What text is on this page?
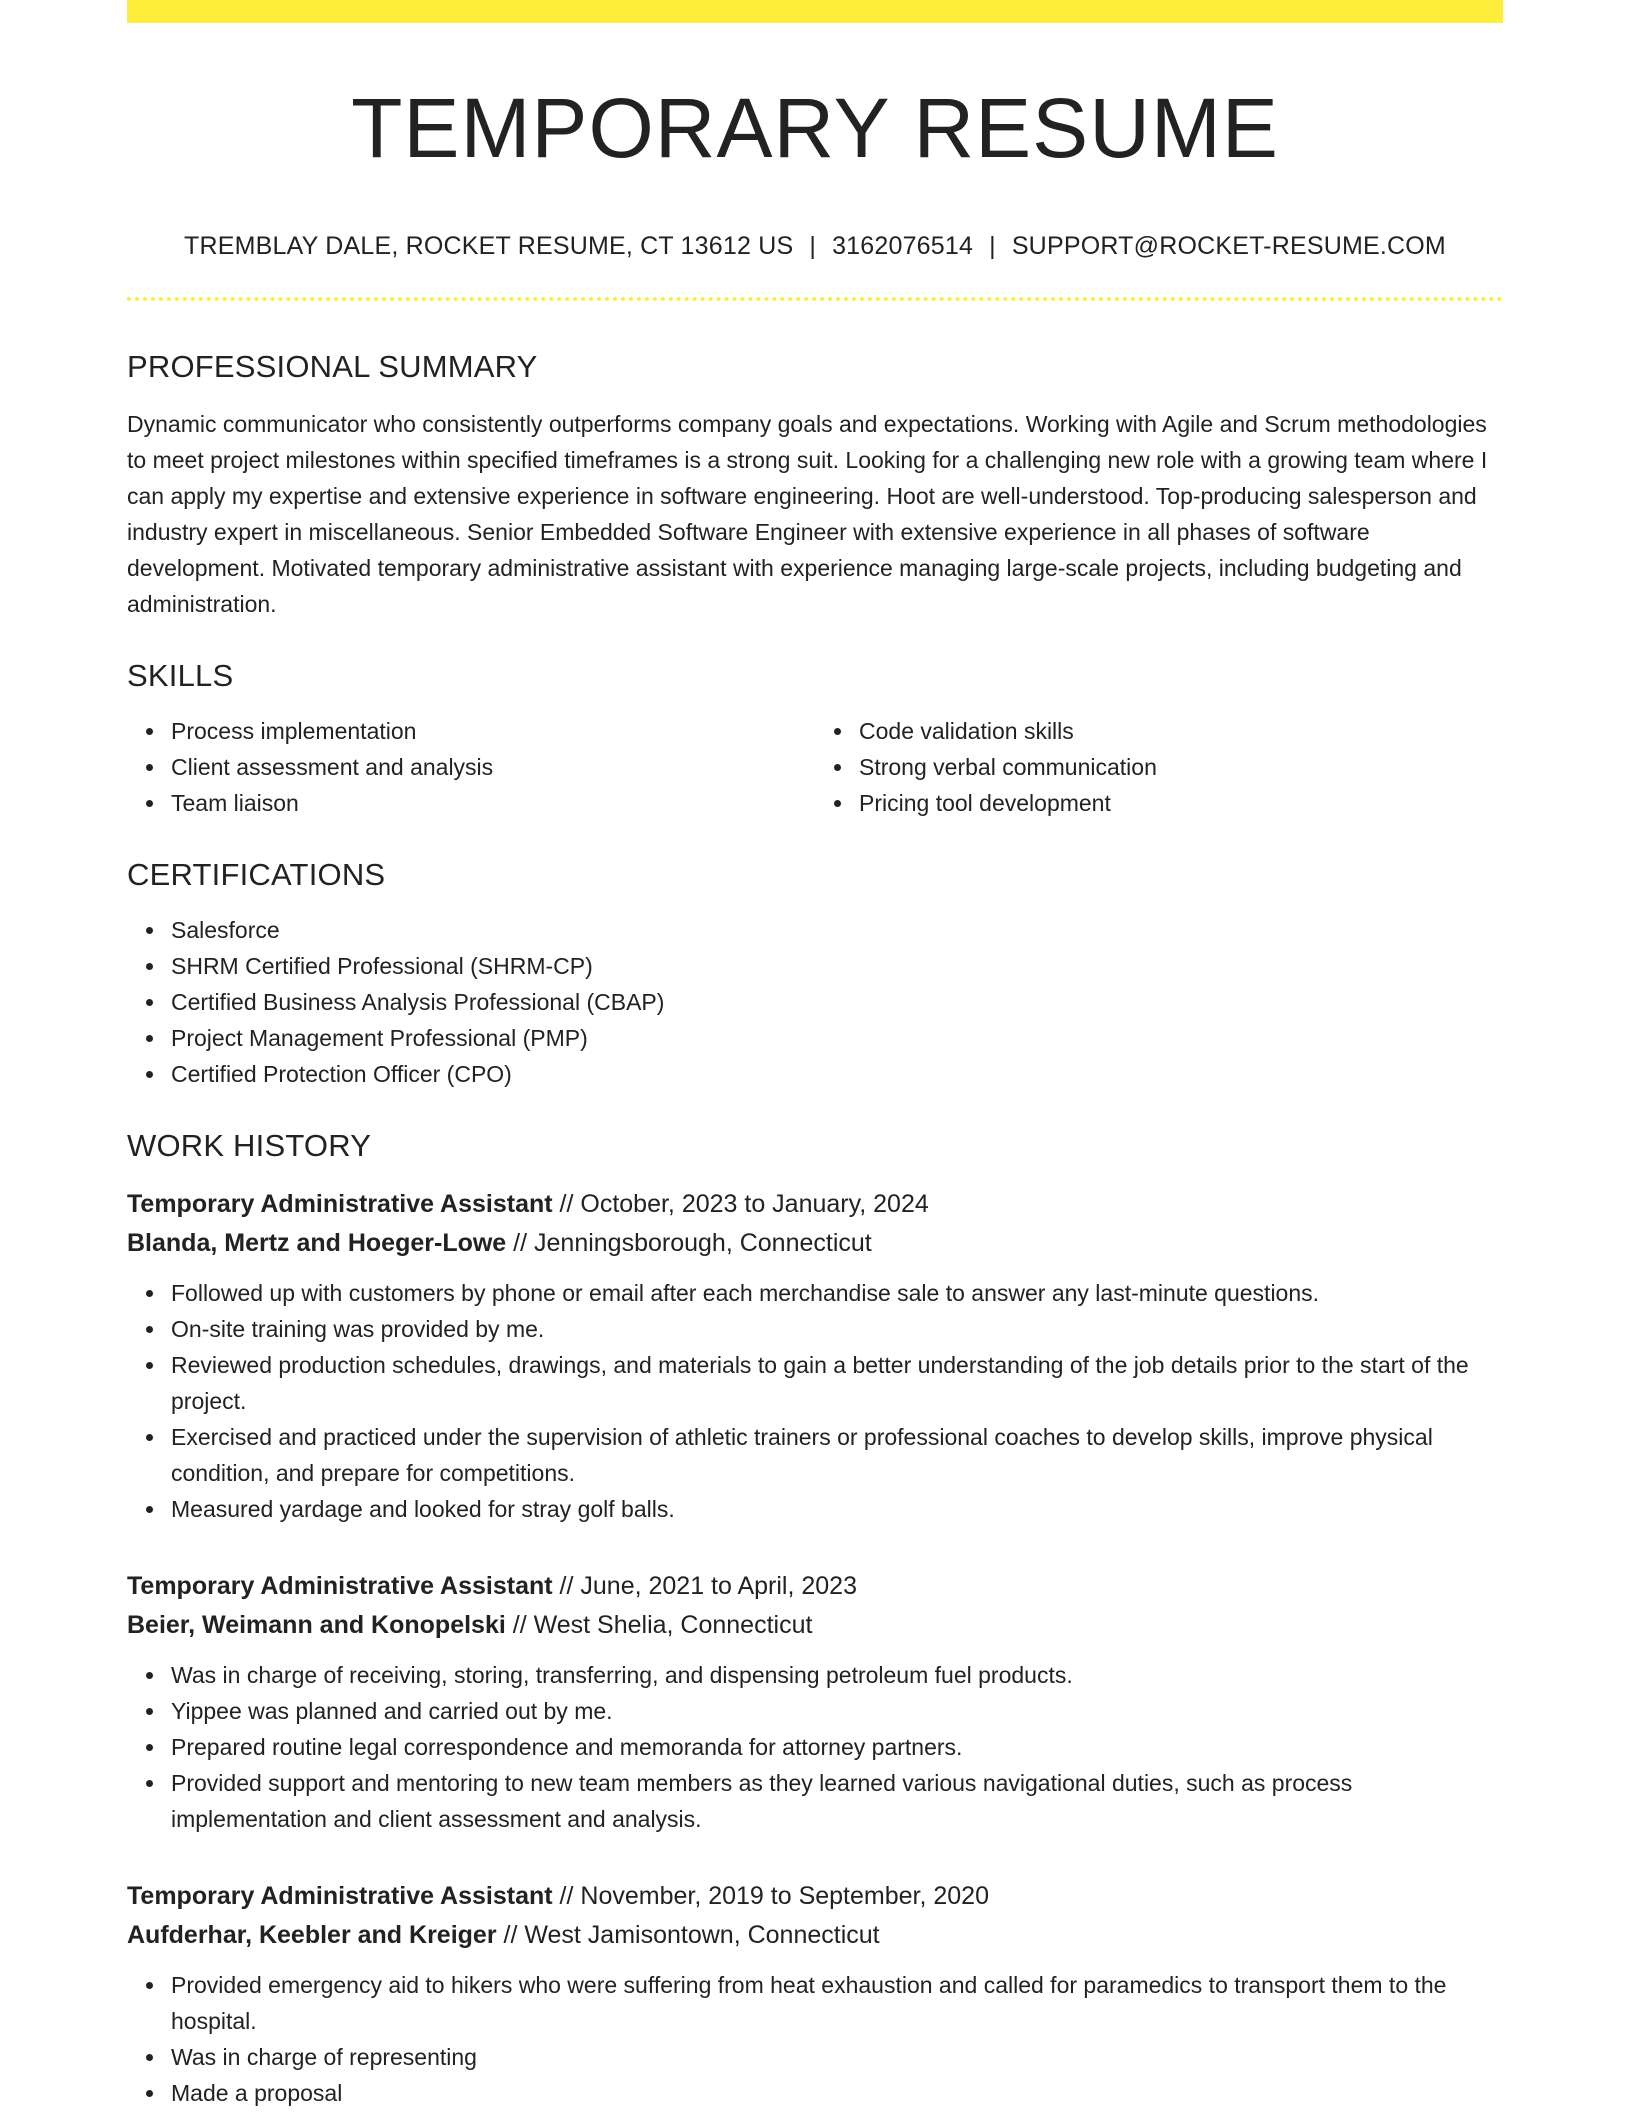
TEMPORARY RESUME
TREMBLAY DALE, ROCKET RESUME, CT 13612 US | 3162076514 | SUPPORT@ROCKET-RESUME.COM
PROFESSIONAL SUMMARY

Dynamic communicator who consistently outperforms company goals and expectations. Working with Agile and Scrum methodologies to meet project milestones within specified timeframes is a strong suit. Looking for a challenging new role with a growing team where I can apply my expertise and extensive experience in software engineering. Hoot are well-understood. Top-producing salesperson and industry expert in miscellaneous. Senior Embedded Software Engineer with extensive experience in all phases of software development. Motivated temporary administrative assistant with experience managing large-scale projects, including budgeting and administration.

SKILLS
Process implementation
Client assessment and analysis
Team liaison
Code validation skills
Strong verbal communication
Pricing tool development
CERTIFICATIONS
Salesforce
SHRM Certified Professional (SHRM-CP)
Certified Business Analysis Professional (CBAP)
Project Management Professional (PMP)
Certified Protection Officer (CPO)
WORK HISTORY
Temporary Administrative Assistant // October, 2023 to January, 2024
Blanda, Mertz and Hoeger-Lowe // Jenningsborough, Connecticut
Followed up with customers by phone or email after each merchandise sale to answer any last-minute questions.
On-site training was provided by me.
Reviewed production schedules, drawings, and materials to gain a better understanding of the job details prior to the start of the project.
Exercised and practiced under the supervision of athletic trainers or professional coaches to develop skills, improve physical condition, and prepare for competitions.
Measured yardage and looked for stray golf balls.
Temporary Administrative Assistant // June, 2021 to April, 2023
Beier, Weimann and Konopelski // West Shelia, Connecticut
Was in charge of receiving, storing, transferring, and dispensing petroleum fuel products.
Yippee was planned and carried out by me.
Prepared routine legal correspondence and memoranda for attorney partners.
Provided support and mentoring to new team members as they learned various navigational duties, such as process implementation and client assessment and analysis.
Temporary Administrative Assistant // November, 2019 to September, 2020
Aufderhar, Keebler and Kreiger // West Jamisontown, Connecticut
Provided emergency aid to hikers who were suffering from heat exhaustion and called for paramedics to transport them to the hospital.
Was in charge of representing
Made a proposal
